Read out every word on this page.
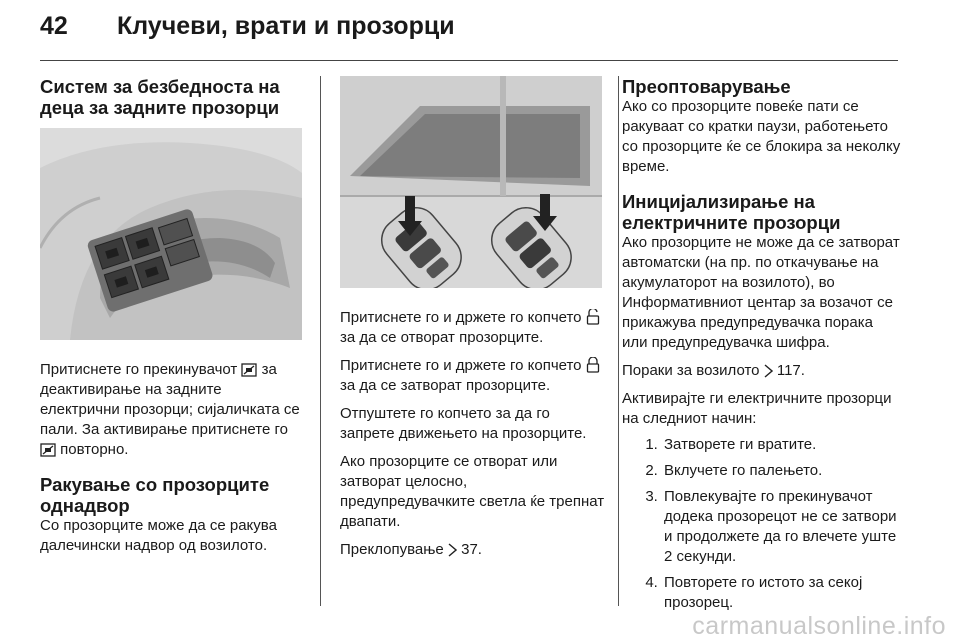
42 Клучеви, врати и прозорци
Систем за безбедноста на деца за задните прозорци

Притиснете го прекинувачот  за деактивирање на задните електрични прозорци; сијаличката се пали. За активирање притиснете го  повторно.

Ракување со прозорците однадвор

Со прозорците може да се ракува далечински надвор од возилото.

Притиснете го и држете го копчето  за да се отворат прозорците.

Притиснете го и држете го копчето  за да се затворат прозорците.

Отпуштете го копчето за да го запрете движењето на прозорците.

Ако прозорците се отворат или затворат целосно, предупредувачките светла ќе трепнат двапати.

Преклопување  37.

Преоптоварување

Ако со прозорците повеќе пати се ракуваат со кратки паузи, работењето со прозорците ќе се блокира за неколку време.

Иницијализирање на електричните прозорци

Ако прозорците не може да се затворат автоматски (на пр. по откачување на акумулаторот на возилото), во Информативниот центар за возачот се прикажува предупредувачка порака или предупредувачка шифра.

Пораки за возилото  117.

Активирајте ги електричните прозорци на следниот начин:

1. Затворете ги вратите.
2. Вклучете го палењето.
3. Повлекувајте го прекинувачот додека прозорецот не се затвори и продолжете да го влечете уште 2 секунди.
4. Повторете го истото за секој прозорец.
carmanualsonline.info
